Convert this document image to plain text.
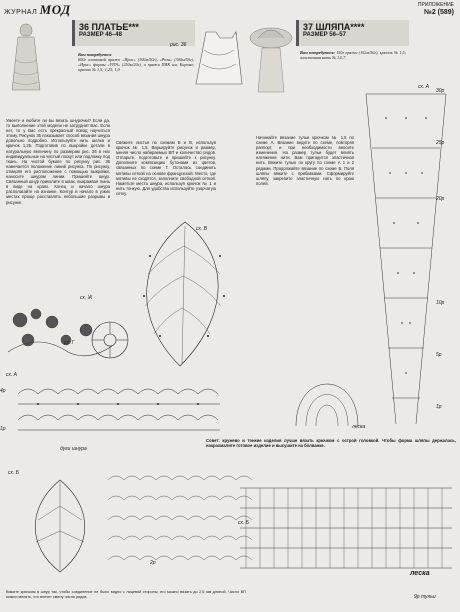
ЖУРНАЛ МОД	ПРИЛОЖЕНИЕ
№2 (589)
36 ПЛАТЬЕ***
РАЗМЕР 46–48
рис. 36
Вам потребуется
600г хлопковой пряжи «Ирис» (300м/50г), «Роза» (300м/50г), «Ирис» фирмы «VITA» (250м/20г), и пряжи ПЯК им. Кирова; крючок № 1,5; 1,25; 1,0
37 ШЛЯПА****
РАЗМЕР 56–57
Вам потребуется: 150г пряжи (152м/50г), крючок № 1,5; эластичная нить № 1,0,7.
Умеете и любите ли вы вязать шнурочки? Если да, то выполнение этой модели не затруднит Вас. Если нет, то у Вас есть прекрасный повод научиться этому. Рисунок 36 показывает способ вязания шнура довольно подробно. Используйте нить шелка и крючок 1,25. Подготовив по выкройке детали в натуральную величину по размерам рис. 36 в них индивидуальные на чистый лоскут или подложку под ткань. На чистой бумаге по рисунку рис. 36 намечается положение линий рисунка. По рисунку, отмеряя его расположение с помощью выкройки, наносите шнуром линии. Пришейте шнур. Связанный шнур приколите в швах, выкраивая ткань в виде на краях. Конец и начало шнура располагайте на изнанке. Контур и начало в узких местах проще расставлять небольшие разрывы в рисунке.
Свяжите листья по схемам Б и В, используя крючок № 1,5. Варьируйте рисунок и размер, меняя число набираемых ВП и количество рядов. Отпарьте, подготовьте и пришейте к рисунку. Дополните композицию бутонами из цветов, связанных по схеме Г. Осталось соединить мотивы сеткой на основе французской. Место, где мотивы не сходятся, заполните свободной сеткой. Наметьте места шнура, используя крючок № 1 и нить тонкую. Для удобства используйте узорчатую сетку.
Начинайте вязание тульи крючком № 1,5 по схеме А. Вязание ведите по схеме, повторяя раппорт, и при необходимости вносите изменения. На размер тульи будет влиять натяжение нити. Вам пригодится эластичная нить. Вяжите тулью по кругу по схеме А 1 и 2 рядами. Продолжайте вязание по схеме Б. Поля шляпы вяжите с прибавками. Сформируйте шляпу, закрепите эластичную нить по краю полей.
сх. Ж
сх. Г
сх. В
сх. А
4р
1р
дуги шнура
сх. Б
2р
Вяжите крючком в шнур так, чтобы соединение не было видно с лицевой стороны; его можно вязать до 2,5 мм длиной. Число ВП можно менять, что влечет смену числа рядов.
сх. А
30р
25р
20р
10р
5р
1р
леска
Совет: кружево и тонкие изделия лучше вязать крючком с острой головкой. Чтобы форма шляпы держалась, накрахмалите готовое изделие и высушите на болванке.
сх. Б
леска
9р тульи
